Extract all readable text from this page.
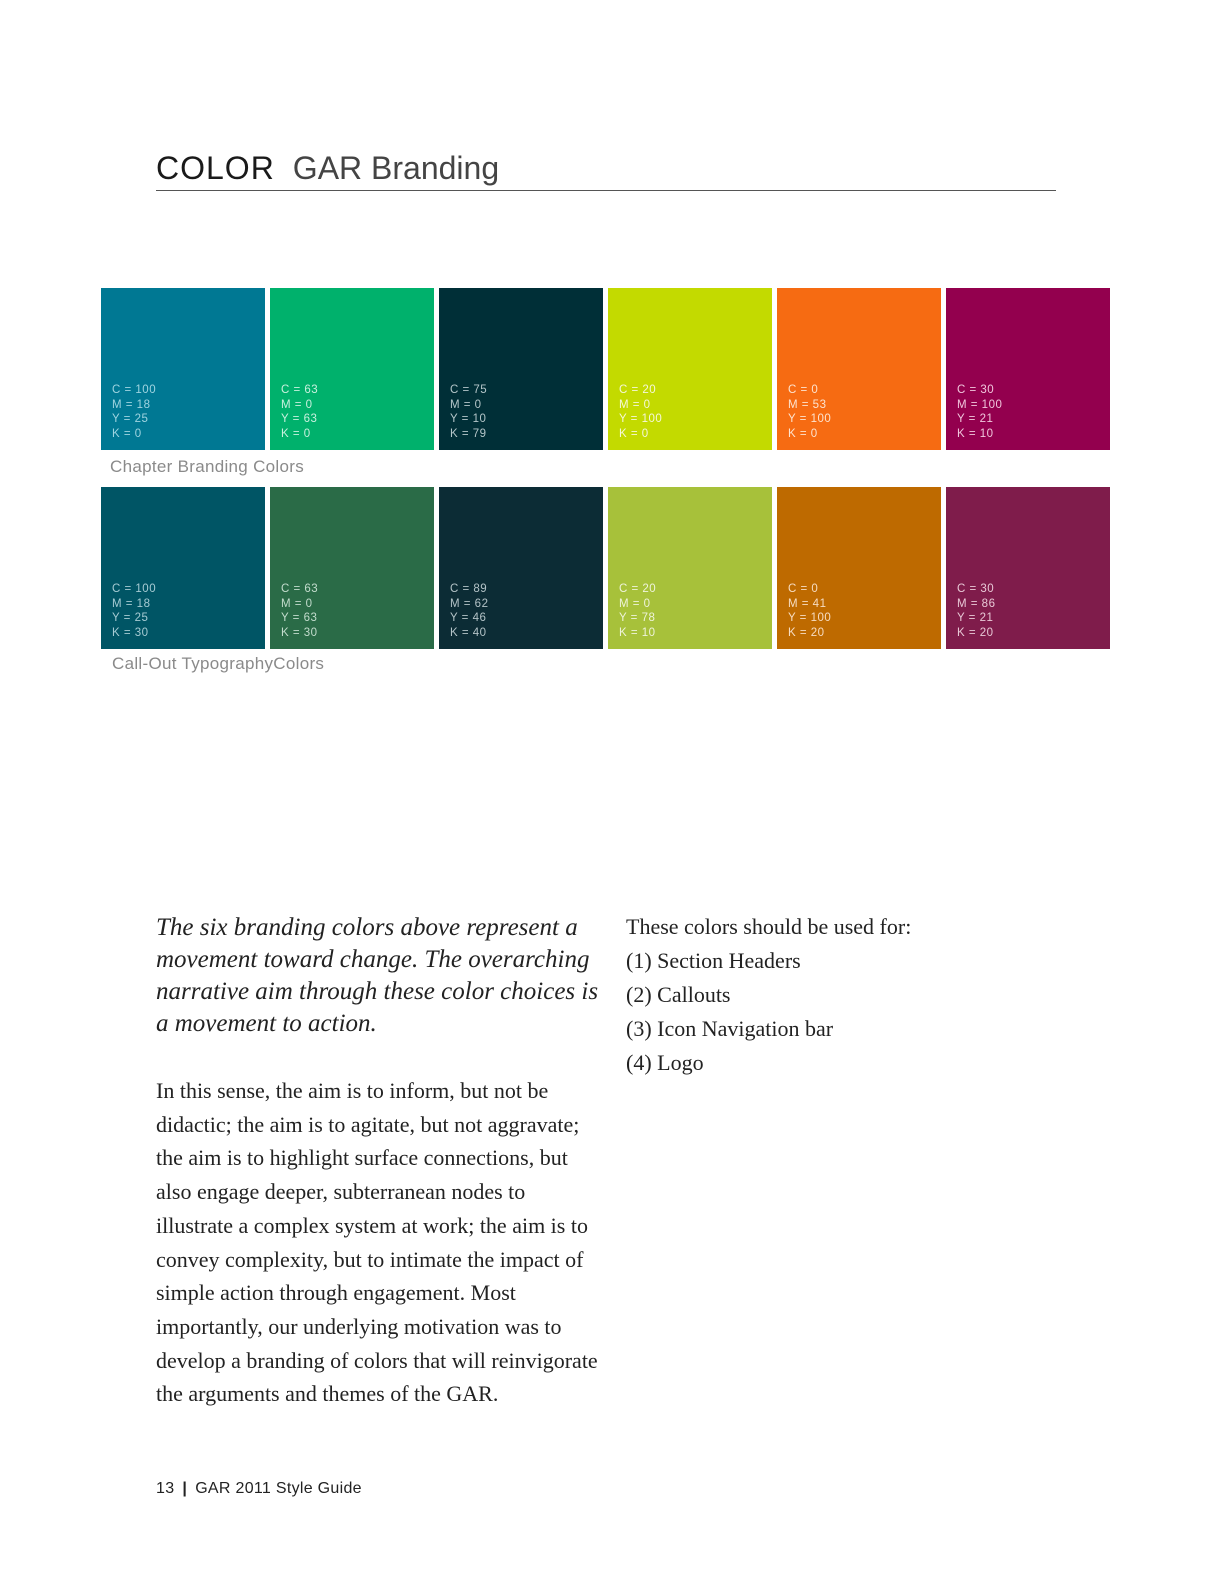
COLOR GAR Branding
C = 100
M = 18
Y = 25
K = 0
C = 63
M = 0
Y = 63
K = 0
C = 75
M = 0
Y = 10
K = 79
C = 20
M = 0
Y = 100
K = 0
C = 0
M = 53
Y = 100
K = 0
C = 30
M = 100
Y = 21
K = 10
Chapter Branding Colors
C = 100
M = 18
Y = 25
K = 30
C = 63
M = 0
Y = 63
K = 30
C = 89
M = 62
Y = 46
K = 40
C = 20
M = 0
Y = 78
K = 10
C = 0
M = 41
Y = 100
K = 20
C = 30
M = 86
Y = 21
K = 20
Call-Out TypographyColors
The six branding colors above represent a movement toward change. The overarching narrative aim through these color choices is a movement to action.
In this sense, the aim is to inform, but not be didactic; the aim is to agitate, but not aggravate; the aim is to highlight surface connections, but also engage deeper, subterranean nodes to illustrate a complex system at work; the aim is to convey complexity, but to intimate the impact of simple action through engagement. Most importantly, our underlying motivation was to develop a branding of colors that will reinvigorate the arguments and themes of the GAR.
These colors should be used for:
(1) Section Headers
(2) Callouts
(3) Icon Navigation bar
(4) Logo
13 | GAR 2011 Style Guide
